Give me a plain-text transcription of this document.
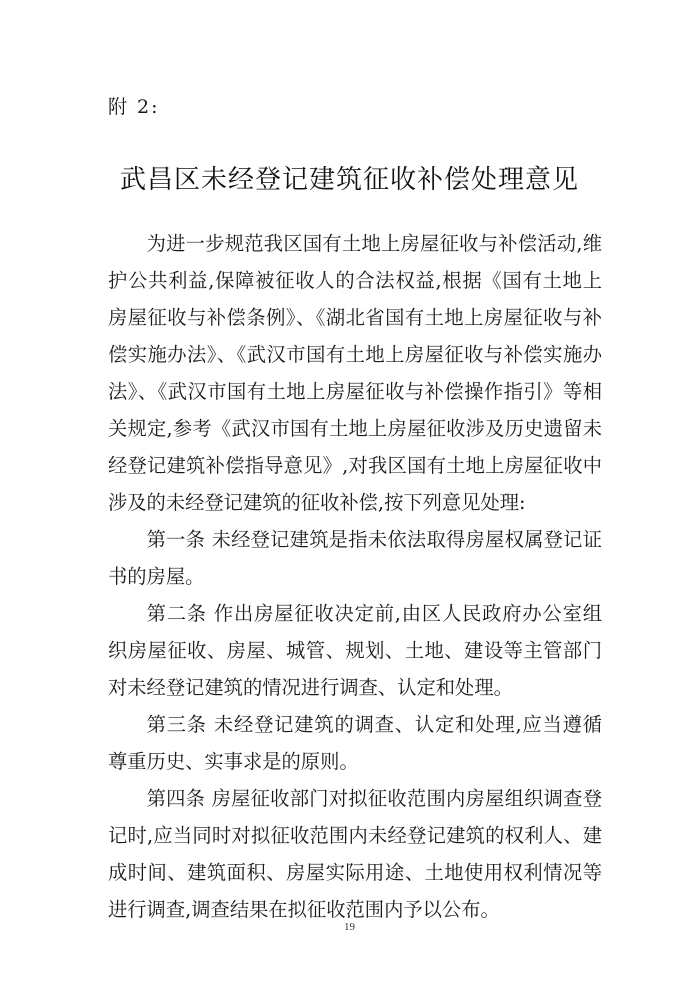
附 2:
武昌区未经登记建筑征收补偿处理意见

为进一步规范我区国有土地上房屋征收与补偿活动,维护公共利益,保障被征收人的合法权益,根据《国有土地上房屋征收与补偿条例》、《湖北省国有土地上房屋征收与补偿实施办法》、《武汉市国有土地上房屋征收与补偿实施办法》、《武汉市国有土地上房屋征收与补偿操作指引》等相关规定,参考《武汉市国有土地上房屋征收涉及历史遗留未经登记建筑补偿指导意见》,对我区国有土地上房屋征收中涉及的未经登记建筑的征收补偿,按下列意见处理:

第一条 未经登记建筑是指未依法取得房屋权属登记证书的房屋。

第二条 作出房屋征收决定前,由区人民政府办公室组织房屋征收、房屋、城管、规划、土地、建设等主管部门对未经登记建筑的情况进行调查、认定和处理。

第三条 未经登记建筑的调查、认定和处理,应当遵循尊重历史、实事求是的原则。

第四条 房屋征收部门对拟征收范围内房屋组织调查登记时,应当同时对拟征收范围内未经登记建筑的权利人、建成时间、建筑面积、房屋实际用途、土地使用权利情况等进行调查,调查结果在拟征收范围内予以公布。

19
